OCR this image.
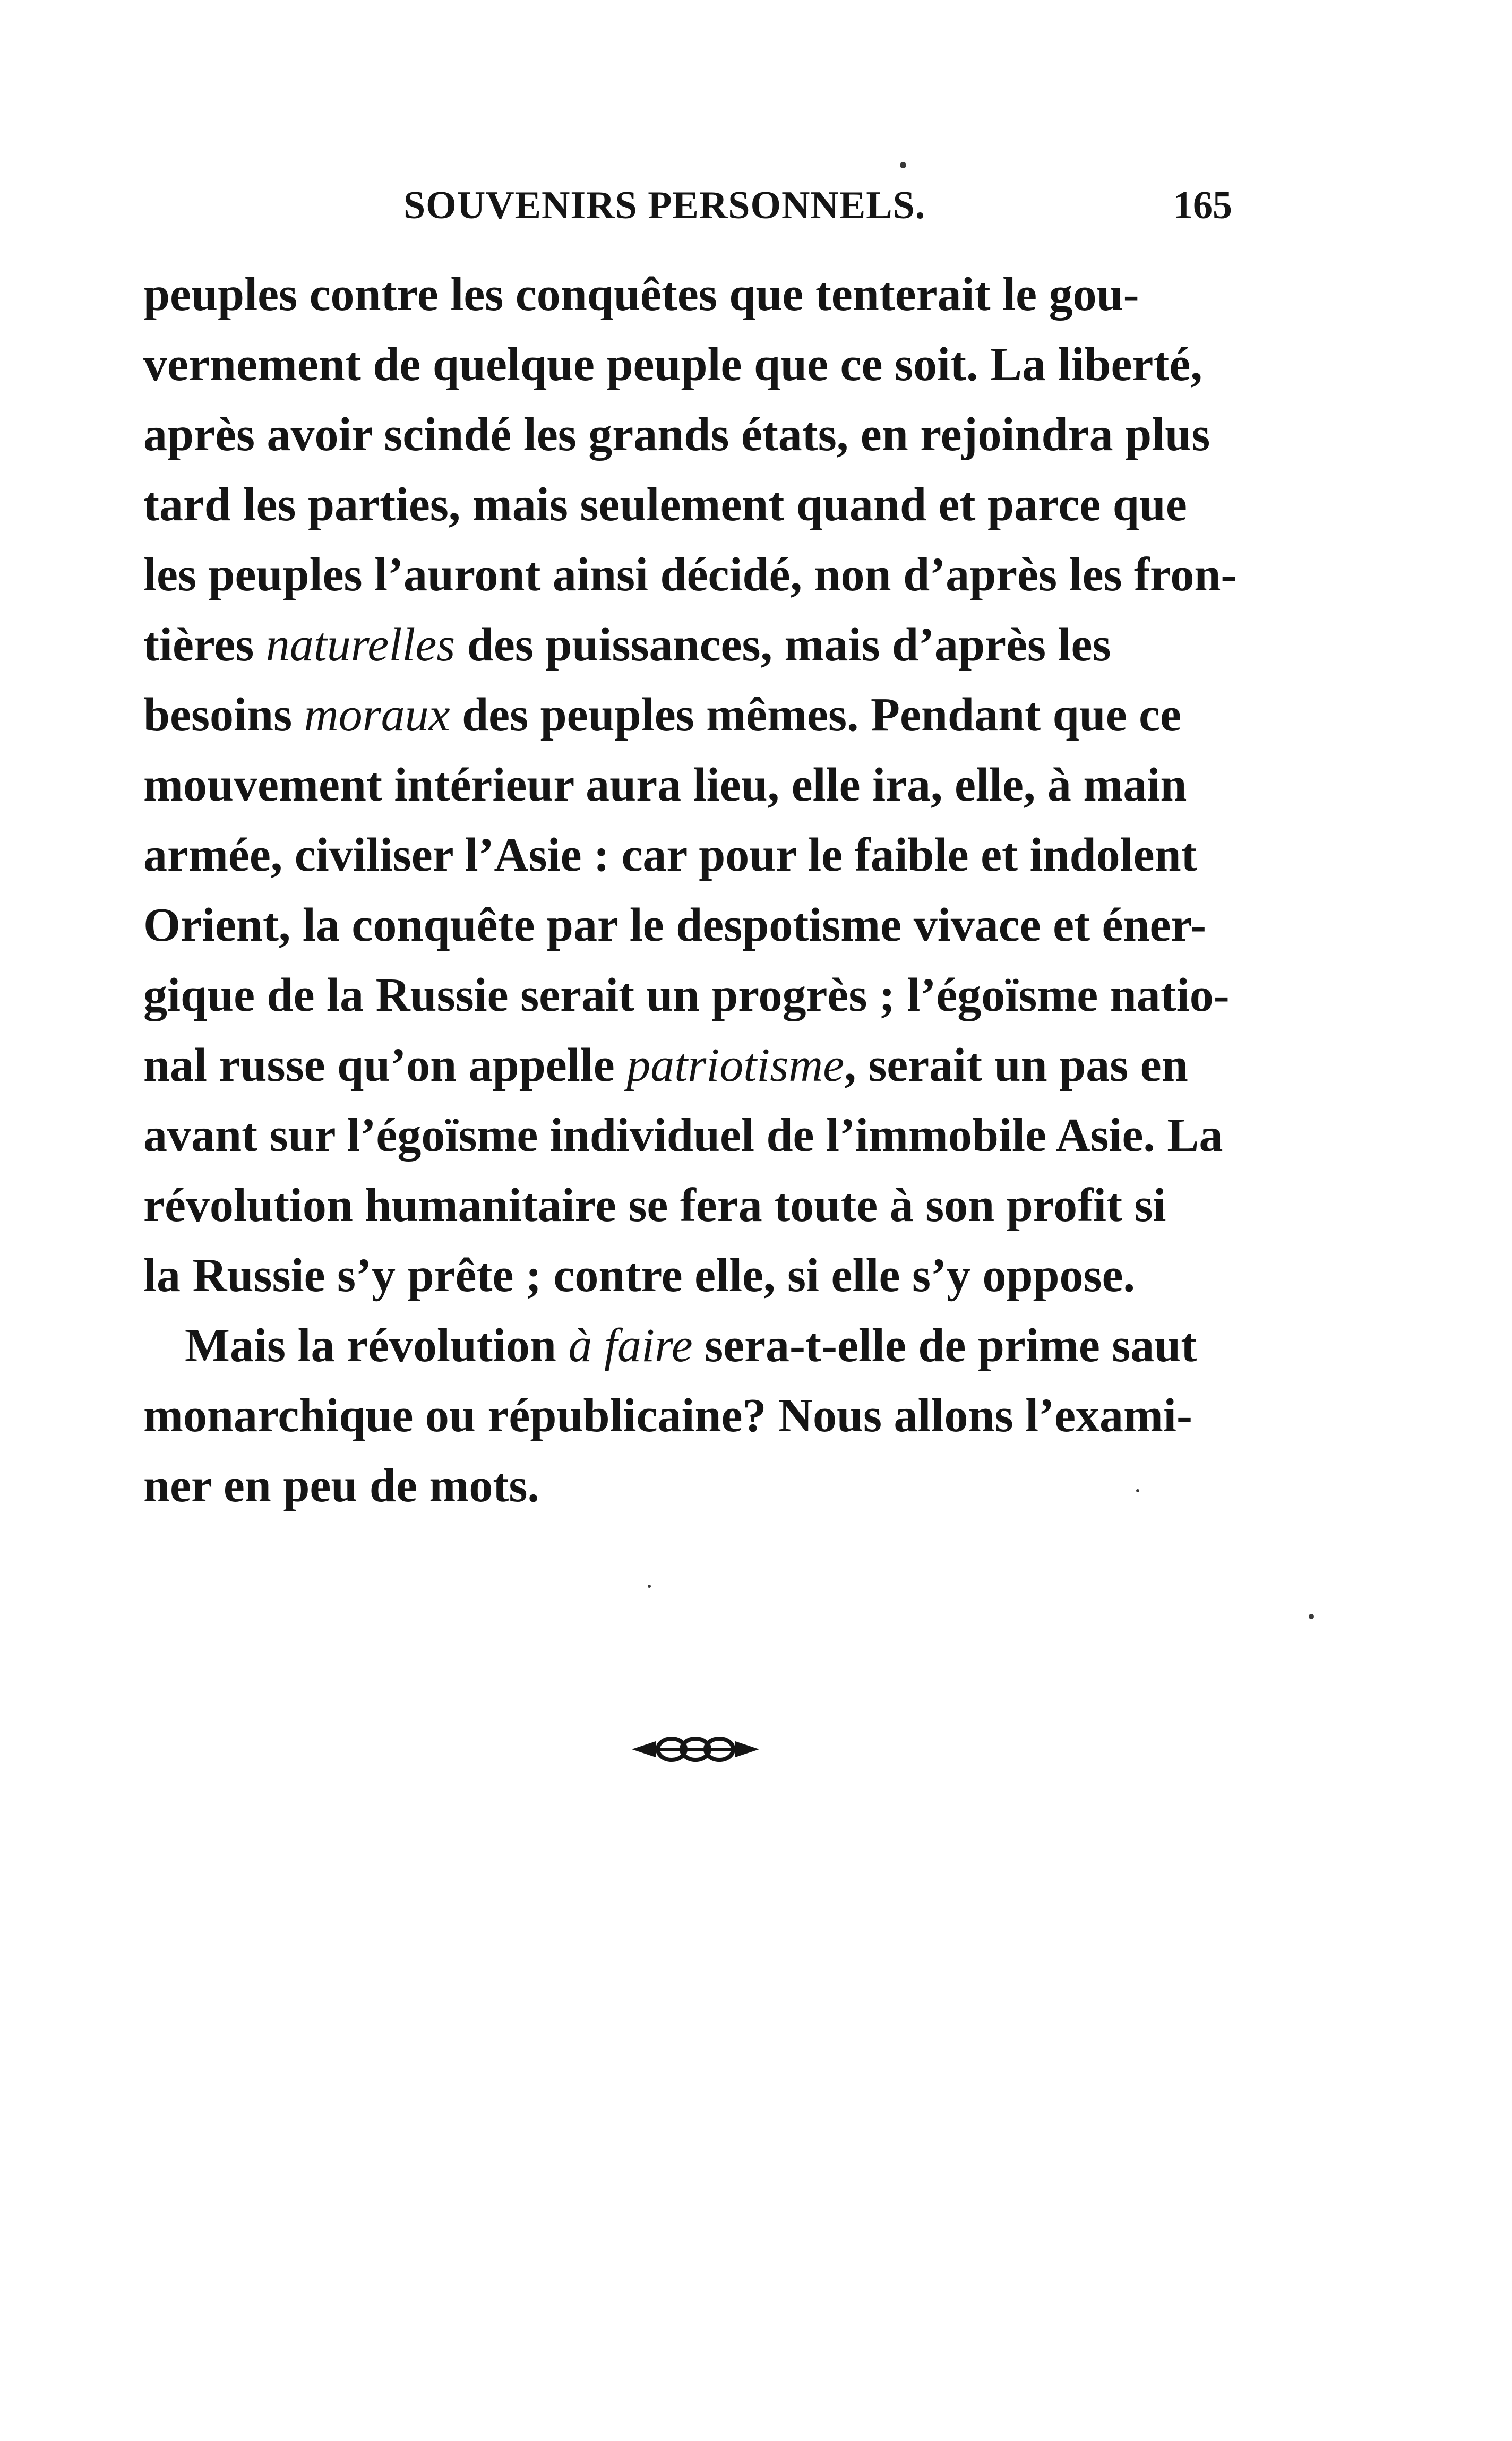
SOUVENIRS PERSONNELS.	165
peuples contre les conquêtes que tenterait le gou-
vernement de quelque peuple que ce soit. La liberté,
après avoir scindé les grands états, en rejoindra plus
tard les parties, mais seulement quand et parce que
les peuples l’auront ainsi décidé, non d’après les fron-
tières naturelles des puissances, mais d’après les
besoins moraux des peuples mêmes. Pendant que ce
mouvement intérieur aura lieu, elle ira, elle, à main
armée, civiliser l’Asie : car pour le faible et indolent
Orient, la conquête par le despotisme vivace et éner-
gique de la Russie serait un progrès ; l’égoïsme natio-
nal russe qu’on appelle patriotisme, serait un pas en
avant sur l’égoïsme individuel de l’immobile Asie. La
révolution humanitaire se fera toute à son profit si
la Russie s’y prête ; contre elle, si elle s’y oppose.
Mais la révolution à faire sera-t-elle de prime saut
monarchique ou républicaine? Nous allons l’exami-
ner en peu de mots.
